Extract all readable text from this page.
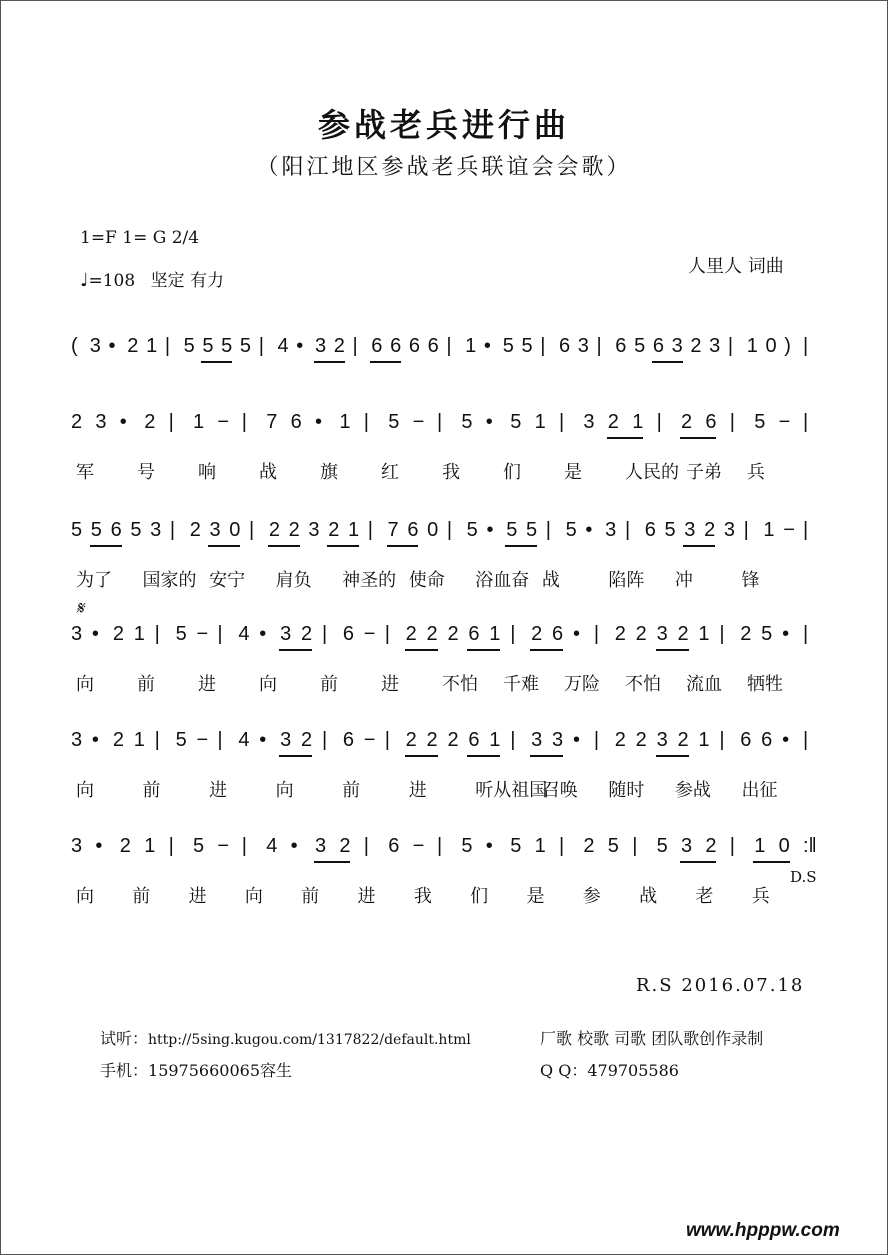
参战老兵进行曲
（阳江地区参战老兵联谊会会歌）
1=F 1= G 2/4
♩=108 坚定 有力
人里人 词曲
( 3 • 2 1 | 5 5 5 5 | 4 • 3 2 | 6 6 6 6 | 1 • 5 5 | 6 3 | 6 5 6 3 2 3 | 1 0 ) |
2 3 • 2 | 1 − | 7 6 • 1 | 5 − | 5 • 5 1 | 3 2 1 | 2 6 | 5 − |
军 号 响 战 旗 红 我 们 是 人民的 子弟 兵
5 5 6 5 3 | 2 3 0 | 2 2 3 2 1 | 7 6 0 | 5 • 5 5 | 5 • 3 | 6 5 3 2 3 | 1 − |
为了 国家的 安宁 肩负 神圣的 使命 浴血奋 战	陷阵 冲	锋
3 • 2 1 | 5 − | 4 • 3 2 | 6 − | 2 2 2 6 1 | 2 6 • | 2 2 3 2 1 | 2 5 • |
向 前 进 向 前 进 不怕 千难 万险 不怕 流血 牺牲
3 • 2 1 | 5 − | 4 • 3 2 | 6 − | 2 2 2 6 1 | 3 3 • | 2 2 3 2 1 | 6 6 • |
向	前	进	向	前	进	听从祖国
召唤 随时 参战 出征
3 • 2 1 | 5 − | 4 • 3 2 | 6 − | 5 • 5 1 | 2 5 | 5 3 2 | 1 0 :‖
向 前 进 向 前 进 我 们 是 参 战 老 兵
𝄋
D.S
R.S 2016.07.18
试听：http://5sing.kugou.com/1317822/default.html	厂歌 校歌 司歌 团队歌创作录制
手机：15975660065容生	Q Q：479705586
www.hpppw.com
